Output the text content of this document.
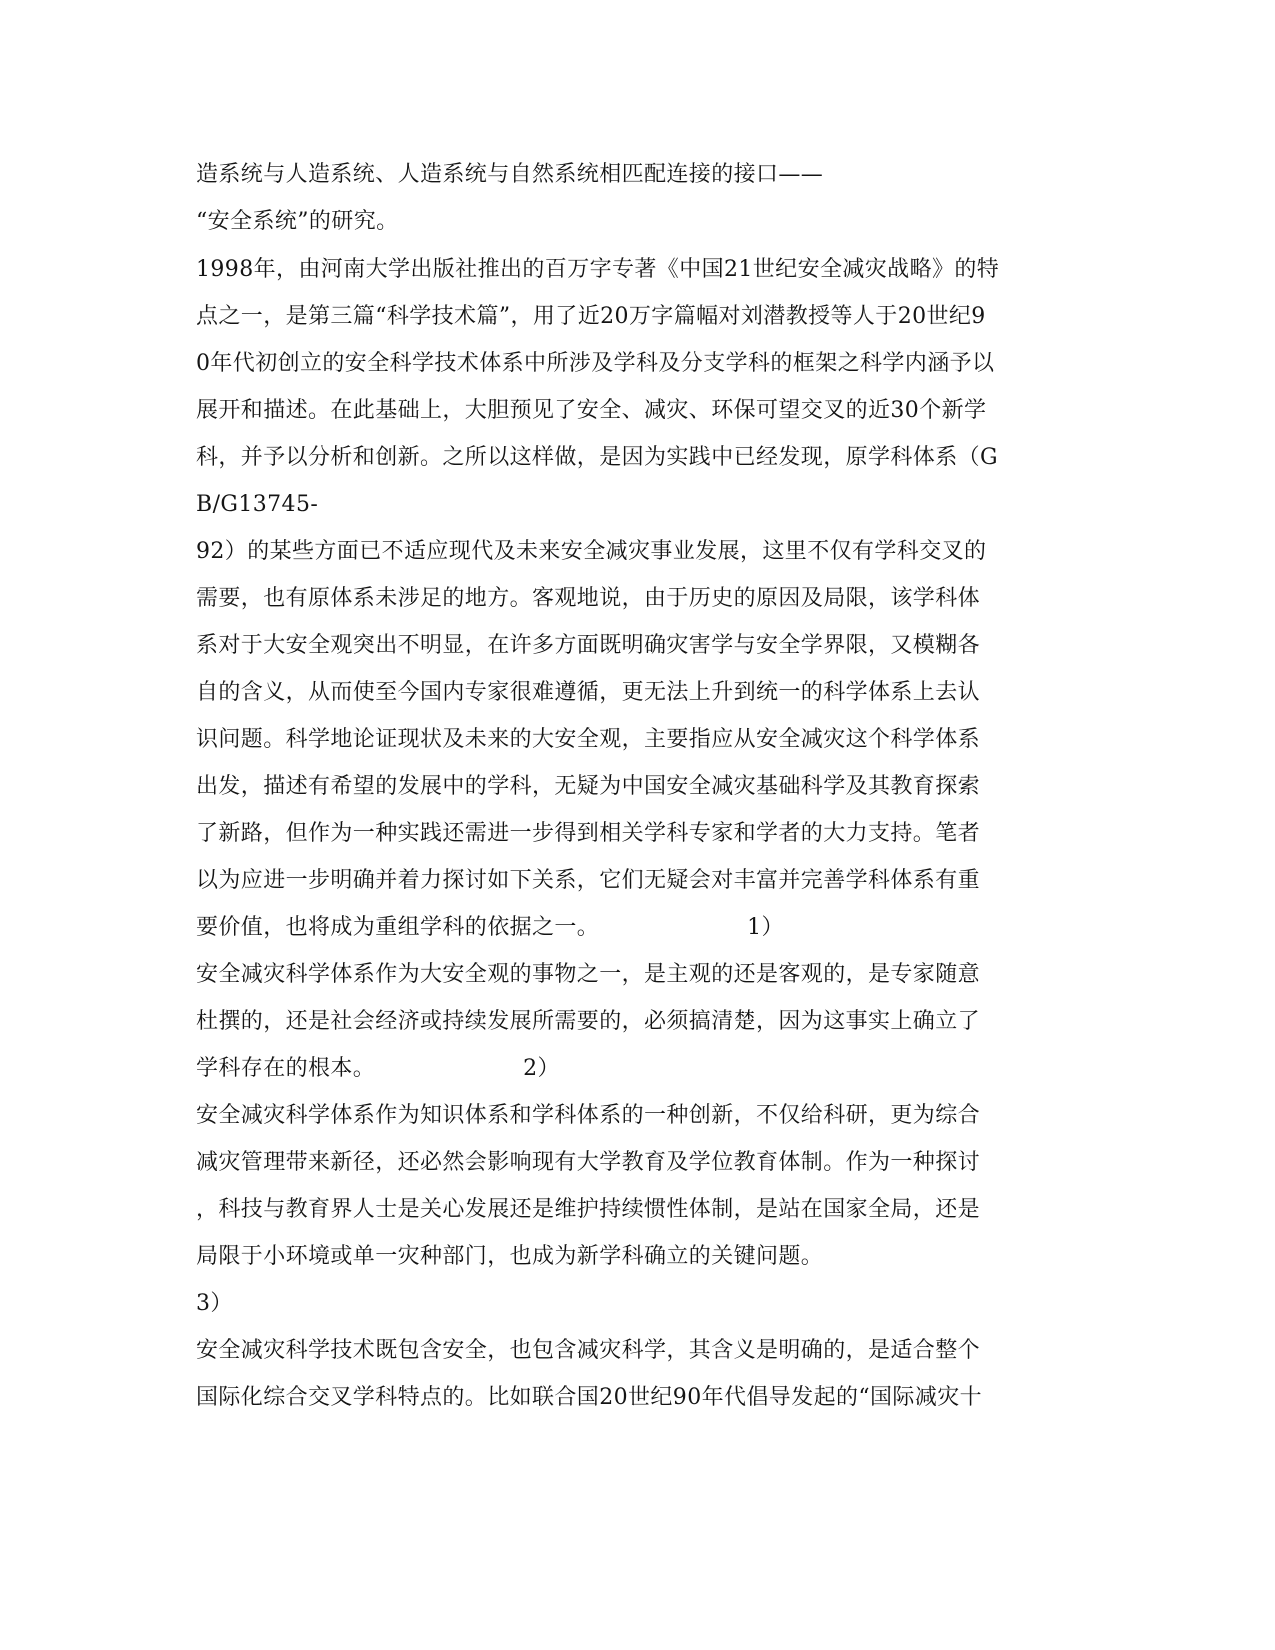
造系统与人造系统、人造系统与自然系统相匹配连接的接口——
“安全系统”的研究。
1998年，由河南大学出版社推出的百万字专著《中国21世纪安全减灾战略》的特
点之一，是第三篇“科学技术篇”，用了近20万字篇幅对刘潜教授等人于20世纪9
0年代初创立的安全科学技术体系中所涉及学科及分支学科的框架之科学内涵予以
展开和描述。在此基础上，大胆预见了安全、减灾、环保可望交叉的近30个新学
科，并予以分析和创新。之所以这样做，是因为实践中已经发现，原学科体系（G
B/G13745-
92）的某些方面已不适应现代及未来安全减灾事业发展，这里不仅有学科交叉的
需要，也有原体系未涉足的地方。客观地说，由于历史的原因及局限，该学科体
系对于大安全观突出不明显，在许多方面既明确灾害学与安全学界限，又模糊各
自的含义，从而使至今国内专家很难遵循，更无法上升到统一的科学体系上去认
识问题。科学地论证现状及未来的大安全观，主要指应从安全减灾这个科学体系
出发，描述有希望的发展中的学科，无疑为中国安全减灾基础科学及其教育探索
了新路，但作为一种实践还需进一步得到相关学科专家和学者的大力支持。笔者
以为应进一步明确并着力探讨如下关系，它们无疑会对丰富并完善学科体系有重
要价值，也将成为重组学科的依据之一。                    1）
安全减灾科学体系作为大安全观的事物之一，是主观的还是客观的，是专家随意
杜撰的，还是社会经济或持续发展所需要的，必须搞清楚，因为这事实上确立了
学科存在的根本。                    2）
安全减灾科学体系作为知识体系和学科体系的一种创新，不仅给科研，更为综合
减灾管理带来新径，还必然会影响现有大学教育及学位教育体制。作为一种探讨
，科技与教育界人士是关心发展还是维护持续惯性体制，是站在国家全局，还是
局限于小环境或单一灾种部门，也成为新学科确立的关键问题。
3）
安全减灾科学技术既包含安全，也包含减灾科学，其含义是明确的，是适合整个
国际化综合交叉学科特点的。比如联合国20世纪90年代倡导发起的“国际减灾十
